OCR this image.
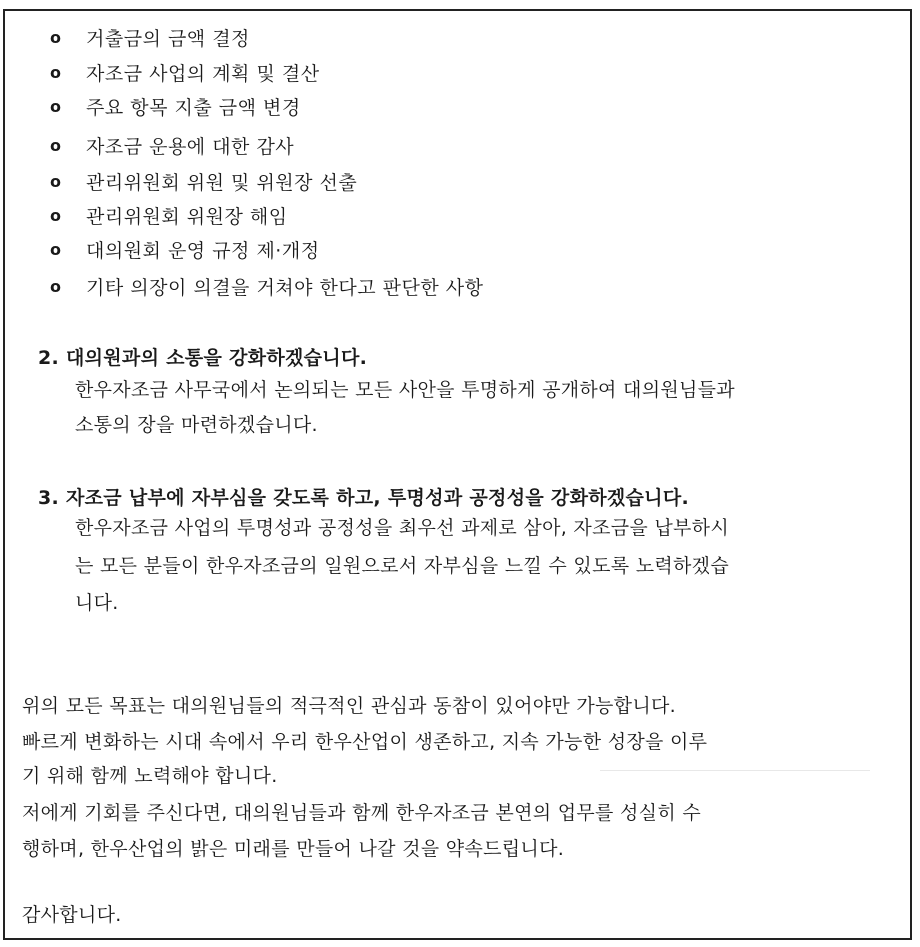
o	거출금의 금액 결정
o	자조금 사업의 계획 및 결산
o	주요 항목 지출 금액 변경
o	자조금 운용에 대한 감사
o	관리위원회 위원 및 위원장 선출
o	관리위원회 위원장 해임
o	대의원회 운영 규정 제·개정
o	기타 의장이 의결을 거쳐야 한다고 판단한 사항
2. 대의원과의 소통을 강화하겠습니다.
한우자조금 사무국에서 논의되는 모든 사안을 투명하게 공개하여 대의원님들과
소통의 장을 마련하겠습니다.
3. 자조금 납부에 자부심을 갖도록 하고, 투명성과 공정성을 강화하겠습니다.
한우자조금 사업의 투명성과 공정성을 최우선 과제로 삼아, 자조금을 납부하시
는 모든 분들이 한우자조금의 일원으로서 자부심을 느낄 수 있도록 노력하겠습
니다.
위의 모든 목표는 대의원님들의 적극적인 관심과 동참이 있어야만 가능합니다.
빠르게 변화하는 시대 속에서 우리 한우산업이 생존하고, 지속 가능한 성장을 이루
기 위해 함께 노력해야 합니다.
저에게 기회를 주신다면, 대의원님들과 함께 한우자조금 본연의 업무를 성실히 수
행하며, 한우산업의 밝은 미래를 만들어 나갈 것을 약속드립니다.
감사합니다.
